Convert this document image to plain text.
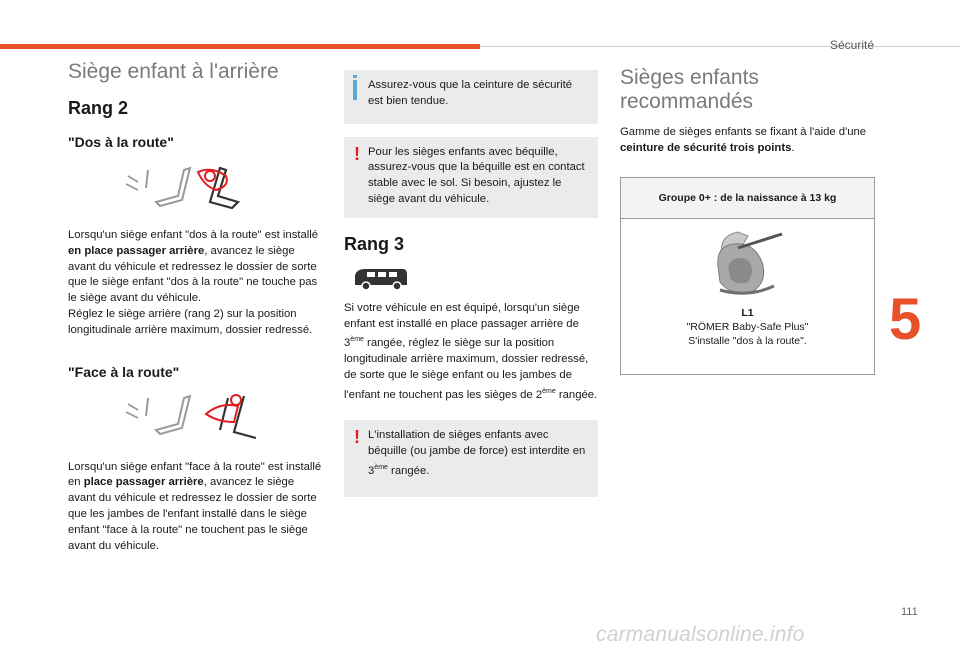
Sécurité
5
111
carmanualsonline.info
Siège enfant à l'arrière
Rang 2
"Dos à la route"

Lorsqu'un siège enfant "dos à la route" est installé en place passager arrière, avancez le siège avant du véhicule et redressez le dossier de sorte que le siège enfant "dos à la route" ne touche pas le siège avant du véhicule.
Réglez le siège arrière (rang 2) sur la position longitudinale arrière maximum, dossier redressé.

"Face à la route"

Lorsqu'un siège enfant "face à la route" est installé en place passager arrière, avancez le siège avant du véhicule et redressez le dossier de sorte que les jambes de l'enfant installé dans le siège enfant "face à la route" ne touchent pas le siège avant du véhicule.

Assurez-vous que la ceinture de sécurité est bien tendue.

! Pour les sièges enfants avec béquille, assurez-vous que la béquille est en contact stable avec le sol. Si besoin, ajustez le siège avant du véhicule.

Rang 3

Si votre véhicule en est équipé, lorsqu'un siège enfant est installé en place passager arrière de 3ème rangée, réglez le siège sur la position longitudinale arrière maximum, dossier redressé, de sorte que le siège enfant ou les jambes de l'enfant ne touchent pas les sièges de 2ème rangée.

! L'installation de sièges enfants avec béquille (ou jambe de force) est interdite en 3ème rangée.

Sièges enfants
recommandés

Gamme de sièges enfants se fixant à l'aide d'une ceinture de sécurité trois points.

Groupe 0+ : de la naissance à 13 kg

L1

"RÖMER Baby-Safe Plus"

S'installe "dos à la route".
